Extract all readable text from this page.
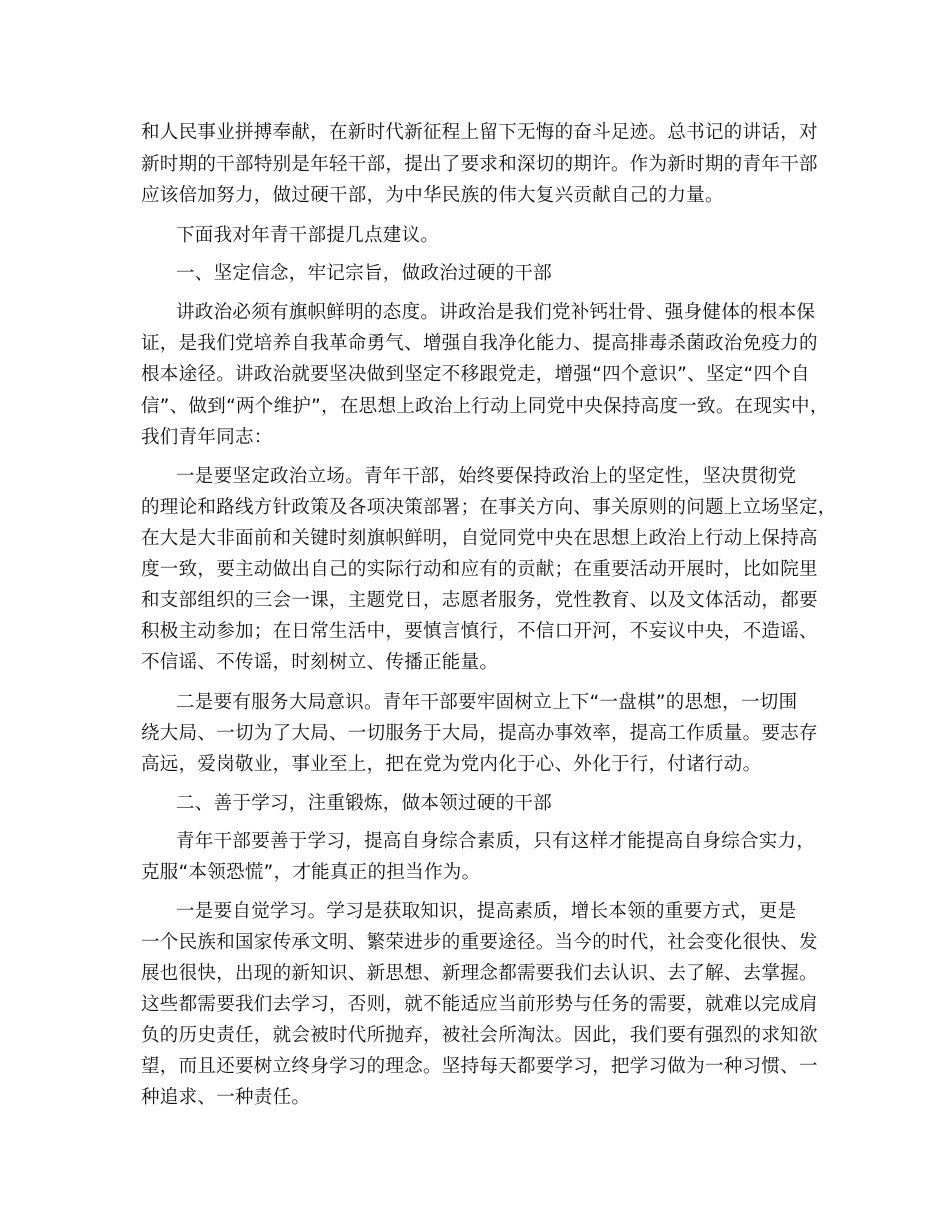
和人民事业拼搏奉献，在新时代新征程上留下无悔的奋斗足迹。总书记的讲话，对

新时期的干部特别是年轻干部，提出了要求和深切的期许。作为新时期的青年干部

应该倍加努力，做过硬干部，为中华民族的伟大复兴贡献自己的力量。

下面我对年青干部提几点建议。

一、坚定信念，牢记宗旨，做政治过硬的干部

讲政治必须有旗帜鲜明的态度。讲政治是我们党补钙壮骨、强身健体的根本保

证，是我们党培养自我革命勇气、增强自我净化能力、提高排毒杀菌政治免疫力的

根本途径。讲政治就要坚决做到坚定不移跟党走，增强“四个意识”、坚定“四个自

信”、做到“两个维护”，在思想上政治上行动上同党中央保持高度一致。在现实中，

我们青年同志：

一是要坚定政治立场。青年干部，始终要保持政治上的坚定性，坚决贯彻党

的理论和路线方针政策及各项决策部署；在事关方向、事关原则的问题上立场坚定，

在大是大非面前和关键时刻旗帜鲜明，自觉同党中央在思想上政治上行动上保持高

度一致，要主动做出自己的实际行动和应有的贡献；在重要活动开展时，比如院里

和支部组织的三会一课，主题党日，志愿者服务，党性教育、以及文体活动，都要

积极主动参加；在日常生活中，要慎言慎行，不信口开河，不妄议中央，不造谣、

不信谣、不传谣，时刻树立、传播正能量。

二是要有服务大局意识。青年干部要牢固树立上下“一盘棋”的思想，一切围

绕大局、一切为了大局、一切服务于大局，提高办事效率，提高工作质量。要志存

高远，爱岗敬业，事业至上，把在党为党内化于心、外化于行，付诸行动。

二、善于学习，注重锻炼，做本领过硬的干部

青年干部要善于学习，提高自身综合素质，只有这样才能提高自身综合实力，

克服“本领恐慌”，才能真正的担当作为。

一是要自觉学习。学习是获取知识，提高素质，增长本领的重要方式，更是

一个民族和国家传承文明、繁荣进步的重要途径。当今的时代，社会变化很快、发

展也很快，出现的新知识、新思想、新理念都需要我们去认识、去了解、去掌握。

这些都需要我们去学习，否则，就不能适应当前形势与任务的需要，就难以完成肩

负的历史责任，就会被时代所抛弃，被社会所淘汰。因此，我们要有强烈的求知欲

望，而且还要树立终身学习的理念。坚持每天都要学习，把学习做为一种习惯、一

种追求、一种责任。
